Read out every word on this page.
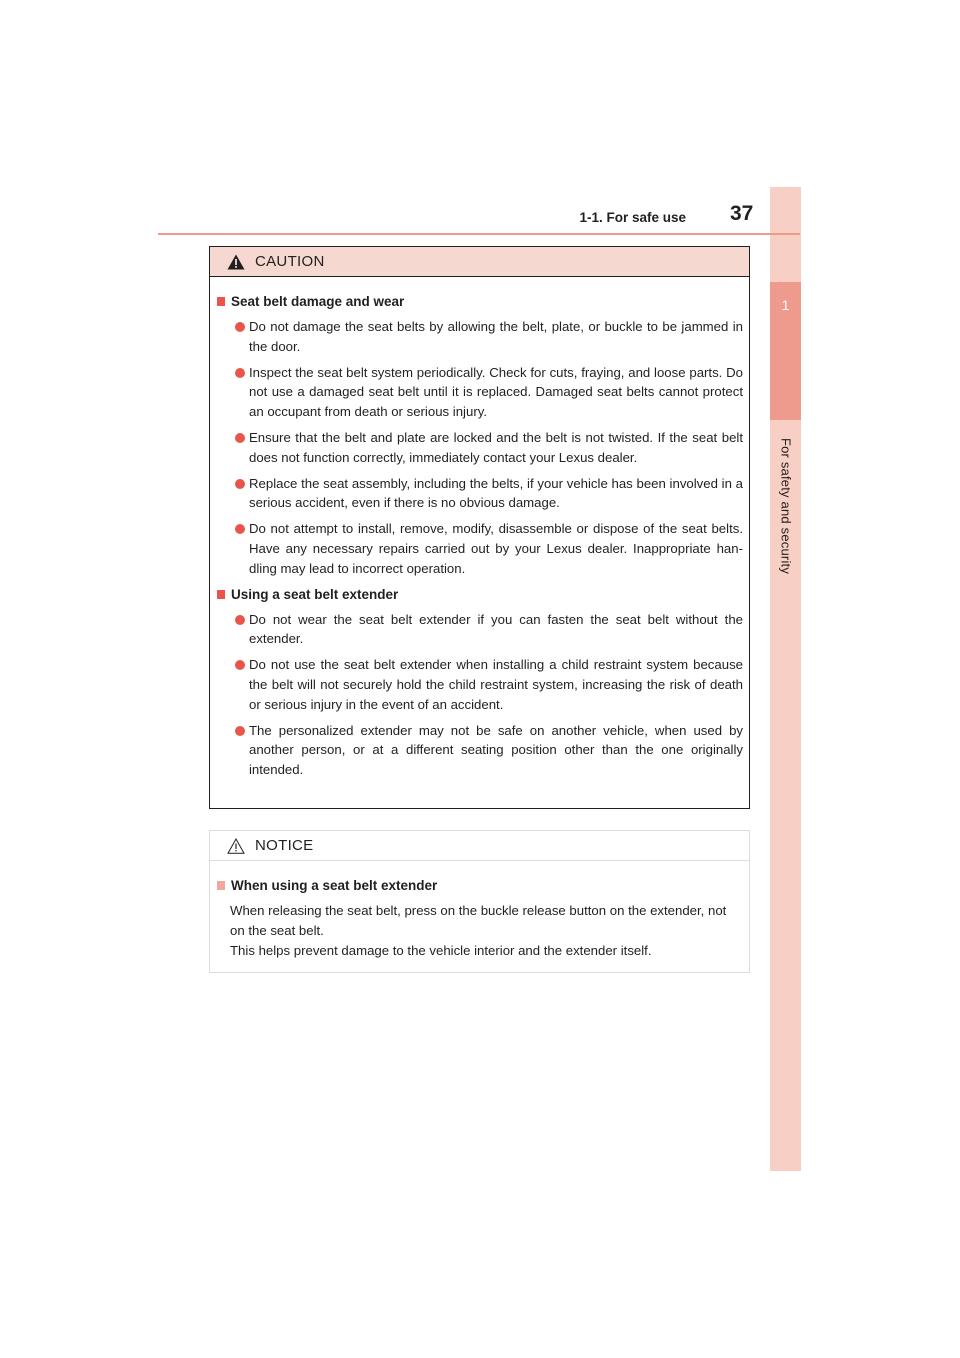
1
For safety and security
1-1. For safe use 37
CAUTION
Seat belt damage and wear
Do not damage the seat belts by allowing the belt, plate, or buckle to be jammed in the door.
Inspect the seat belt system periodically. Check for cuts, fraying, and loose parts. Do not use a damaged seat belt until it is replaced. Damaged seat belts cannot protect an occupant from death or serious injury.
Ensure that the belt and plate are locked and the belt is not twisted. If the seat belt does not function correctly, immediately contact your Lexus dealer.
Replace the seat assembly, including the belts, if your vehicle has been involved in a serious accident, even if there is no obvious damage.
Do not attempt to install, remove, modify, disassemble or dispose of the seat belts. Have any necessary repairs carried out by your Lexus dealer. Inappropriate han-dling may lead to incorrect operation.
Using a seat belt extender
Do not wear the seat belt extender if you can fasten the seat belt without the extender.
Do not use the seat belt extender when installing a child restraint system because the belt will not securely hold the child restraint system, increasing the risk of death or serious injury in the event of an accident.
The personalized extender may not be safe on another vehicle, when used by another person, or at a different seating position other than the one originally intended.
NOTICE
When using a seat belt extender

When releasing the seat belt, press on the buckle release button on the extender, not on the seat belt.
This helps prevent damage to the vehicle interior and the extender itself.
